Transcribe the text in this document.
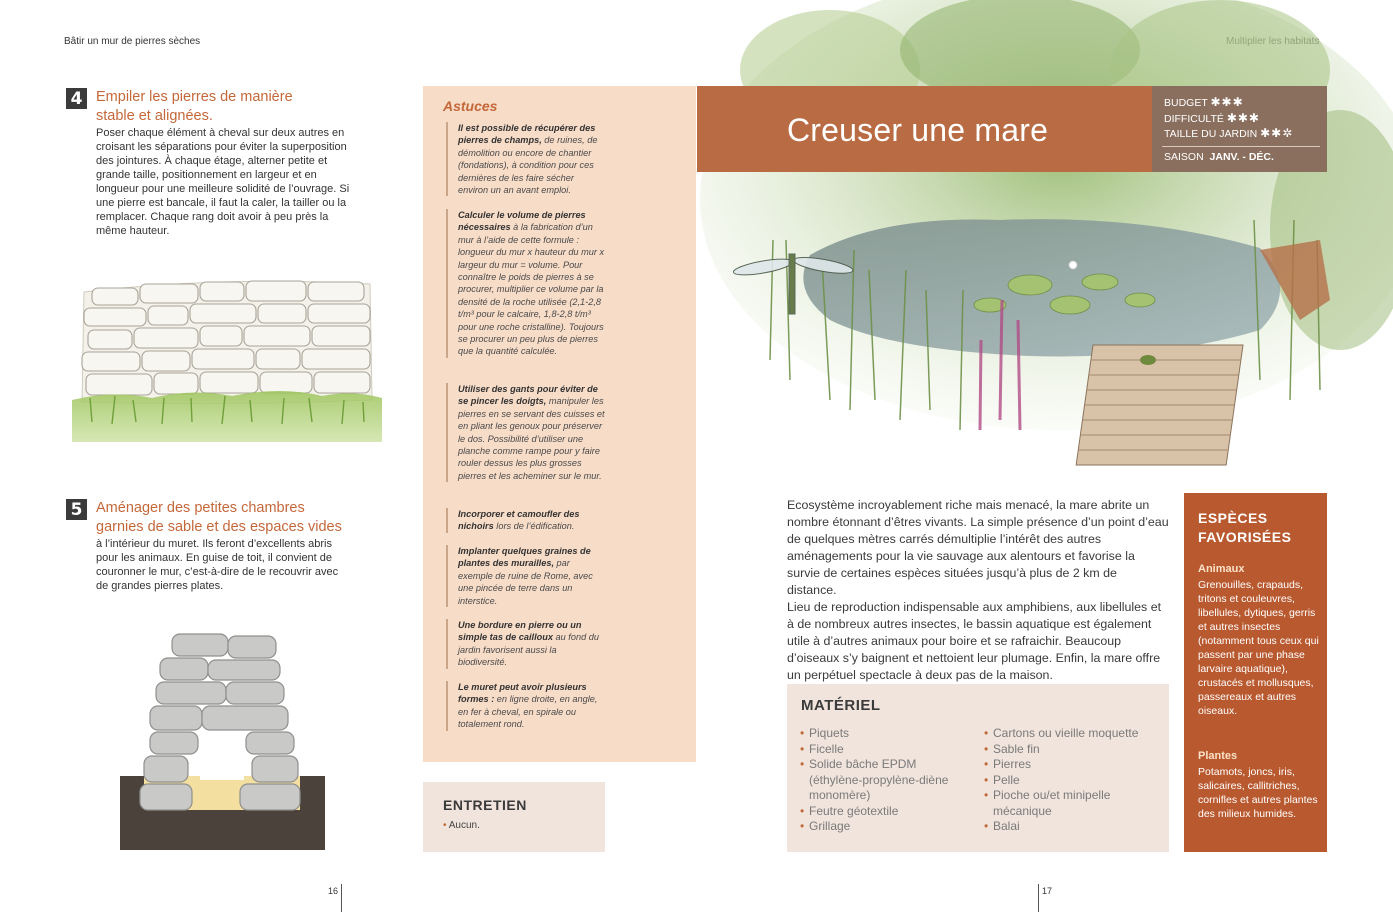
Bâtir un mur de pierres sèches
4 Empiler les pierres de manière
stable et alignées.
Poser chaque élément à cheval sur deux autres en croisant les séparations pour éviter la superposition des jointures. À chaque étage, alterner petite et grande taille, positionnement en largeur et en longueur pour une meilleure solidité de l’ouvrage. Si une pierre est bancale, il faut la caler, la tailler ou la remplacer. Chaque rang doit avoir à peu près la même hauteur.
5 Aménager des petites chambres
garnies de sable et des espaces vides
à l’intérieur du muret. Ils feront d’excellents abris pour les animaux. En guise de toit, il convient de couronner le mur, c’est-à-dire de le recouvrir avec de grandes pierres plates.
Astuces
Il est possible de récupérer des pierres de champs, de ruines, de démolition ou encore de chantier (fondations), à condition pour ces dernières de les faire sécher environ un an avant emploi.
Calculer le volume de pierres nécessaires à la fabrication d’un mur à l’aide de cette formule : longueur du mur x hauteur du mur x largeur du mur = volume. Pour connaître le poids de pierres à se procurer, multiplier ce volume par la densité de la roche utilisée (2,1-2,8 t/m³ pour le calcaire, 1,8-2,8 t/m³ pour une roche cristalline). Toujours se procurer un peu plus de pierres que la quantité calculée.
Utiliser des gants pour éviter de se pincer les doigts, manipuler les pierres en se servant des cuisses et en pliant les genoux pour préserver le dos. Possibilité d’utiliser une planche comme rampe pour y faire rouler dessus les plus grosses pierres et les acheminer sur le mur.
Incorporer et camoufler des nichoirs lors de l’édification.
Implanter quelques graines de plantes des murailles, par exemple de ruine de Rome, avec une pincée de terre dans un interstice.
Une bordure en pierre ou un simple tas de cailloux au fond du jardin favorisent aussi la biodiversité.
Le muret peut avoir plusieurs formes : en ligne droite, en angle, en fer à cheval, en spirale ou totalement rond.
ENTRETIEN
• Aucun.
Creuser une mare
BUDGET ✱✱✱
DIFFICULTÉ ✱✱✱
TAILLE DU JARDIN ✱✱✲
SAISON JANV. - DÉC.

Ecosystème incroyablement riche mais menacé, la mare abrite un nombre étonnant d’êtres vivants. La simple présence d’un point d’eau de quelques mètres carrés démultiplie l’intérêt des autres aménagements pour la vie sauvage aux alentours et favorise la survie de certaines espèces situées jusqu’à plus de 2 km de distance.

Lieu de reproduction indispensable aux amphibiens, aux libellules et à de nombreux autres insectes, le bassin aquatique est également utile à d’autres animaux pour boire et se rafraichir. Beaucoup d’oiseaux s’y baignent et nettoient leur plumage. Enfin, la mare offre un perpétuel spectacle à deux pas de la maison.

MATÉRIEL
• Piquets
• Ficelle
• Solide bâche EPDM (éthylène-propylène-diène monomère)
• Feutre géotextile
• Grillage
• Cartons ou vieille moquette
• Sable fin
• Pierres
• Pelle
• Pioche ou/et minipelle mécanique
• Balai
ESPÈCES
FAVORISÉES
Animaux
Grenouilles, crapauds, tritons et couleuvres, libellules, dytiques, gerris et autres insectes (notamment tous ceux qui passent par une phase larvaire aquatique), crustacés et mollusques, passereaux et autres oiseaux.
Plantes
Potamots, joncs, iris, salicaires, callitriches, cornifles et autres plantes des milieux humides.
16	17
